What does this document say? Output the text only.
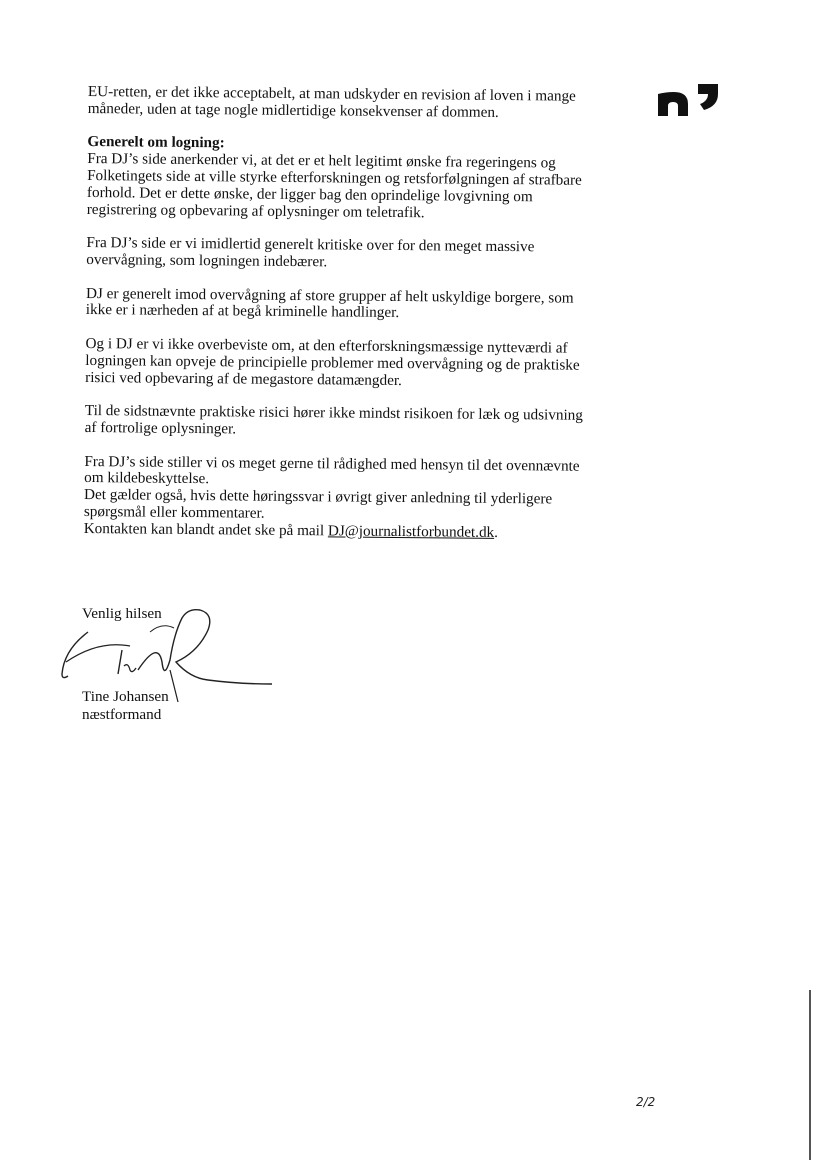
EU-retten, er det ikke acceptabelt, at man udskyder en revision af loven i mange
måneder, uden at tage nogle midlertidige konsekvenser af dommen.

Generelt om logning:

Fra DJ’s side anerkender vi, at det er et helt legitimt ønske fra regeringens og
Folketingets side at ville styrke efterforskningen og retsforfølgningen af strafbare
forhold. Det er dette ønske, der ligger bag den oprindelige lovgivning om
registrering og opbevaring af oplysninger om teletrafik.

Fra DJ’s side er vi imidlertid generelt kritiske over for den meget massive
overvågning, som logningen indebærer.

DJ er generelt imod overvågning af store grupper af helt uskyldige borgere, som
ikke er i nærheden af at begå kriminelle handlinger.

Og i DJ er vi ikke overbeviste om, at den efterforskningsmæssige nytteværdi af
logningen kan opveje de principielle problemer med overvågning og de praktiske
risici ved opbevaring af de megastore datamængder.

Til de sidstnævnte praktiske risici hører ikke mindst risikoen for læk og udsivning
af fortrolige oplysninger.

Fra DJ’s side stiller vi os meget gerne til rådighed med hensyn til det ovennævnte
om kildebeskyttelse.

Det gælder også, hvis dette høringssvar i øvrigt giver anledning til yderligere
spørgsmål eller kommentarer.

Kontakten kan blandt andet ske på mail DJ@journalistforbundet.dk.

Venlig hilsen
Tine Johansen
næstformand
2/2
